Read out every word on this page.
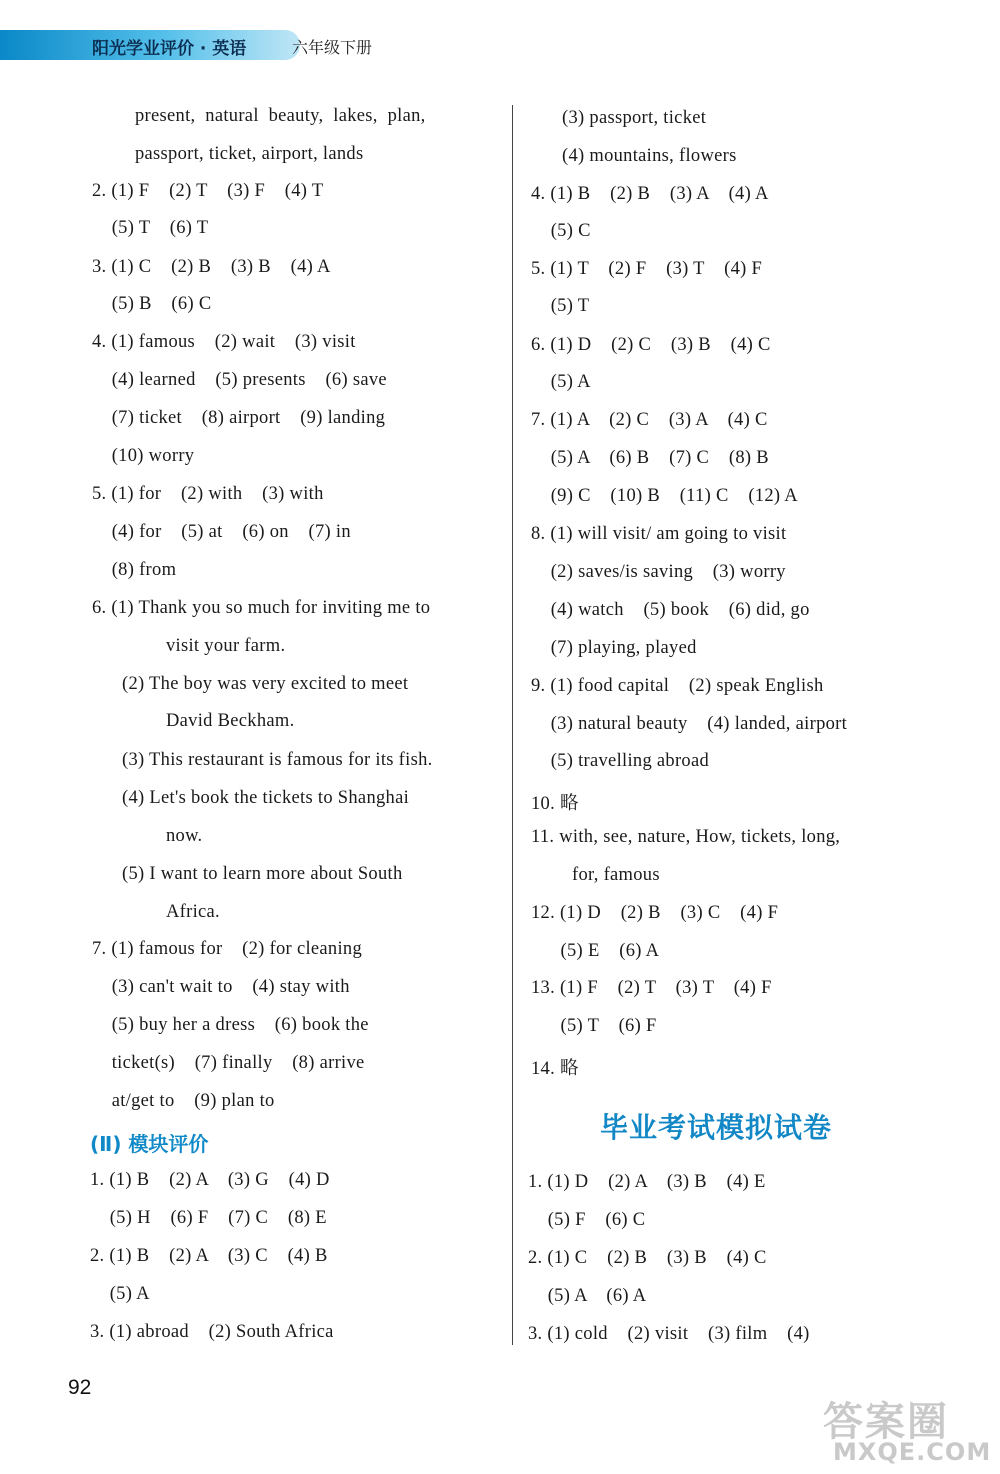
阳光学业评价 · 英语	六年级下册
present,  natural  beauty,  lakes,  plan,
passport, ticket, airport, lands
2. (1) F    (2) T    (3) F    (4) T
(5) T    (6) T
3. (1) C    (2) B    (3) B    (4) A
(5) B    (6) C
4. (1) famous    (2) wait    (3) visit
(4) learned    (5) presents    (6) save
(7) ticket    (8) airport    (9) landing
(10) worry
5. (1) for    (2) with    (3) with
(4) for    (5) at    (6) on    (7) in
(8) from
6. (1) Thank you so much for inviting me to
visit your farm.
(2) The boy was very excited to meet
David Beckham.
(3) This restaurant is famous for its fish.
(4) Let's book the tickets to Shanghai
now.
(5) I want to learn more about South
Africa.
7. (1) famous for    (2) for cleaning
(3) can't wait to    (4) stay with
(5) buy her a dress    (6) book the
ticket(s)    (7) finally    (8) arrive
at/get to    (9) plan to
(Ⅱ) 模块评价
1. (1) B    (2) A    (3) G    (4) D
(5) H    (6) F    (7) C    (8) E
2. (1) B    (2) A    (3) C    (4) B
(5) A
3. (1) abroad    (2) South Africa
(3) passport, ticket
(4) mountains, flowers
4. (1) B    (2) B    (3) A    (4) A
(5) C
5. (1) T    (2) F    (3) T    (4) F
(5) T
6. (1) D    (2) C    (3) B    (4) C
(5) A
7. (1) A    (2) C    (3) A    (4) C
(5) A    (6) B    (7) C    (8) B
(9) C    (10) B    (11) C    (12) A
8. (1) will visit/ am going to visit
(2) saves/is saving    (3) worry
(4) watch    (5) book    (6) did, go
(7) playing, played
9. (1) food capital    (2) speak English
(3) natural beauty    (4) landed, airport
(5) travelling abroad
10. 略
11. with, see, nature, How, tickets, long,
for, famous
12. (1) D    (2) B    (3) C    (4) F
(5) E    (6) A
13. (1) F    (2) T    (3) T    (4) F
(5) T    (6) F
14. 略
毕业考试模拟试卷
1. (1) D    (2) A    (3) B    (4) E
(5) F    (6) C
2. (1) C    (2) B    (3) B    (4) C
(5) A    (6) A
3. (1) cold    (2) visit    (3) film    (4)
92
答案圈
MXQE.COM
